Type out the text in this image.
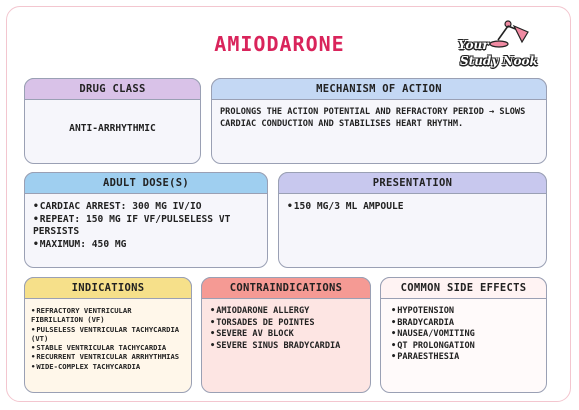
AMIODARONE	Your
Study Nook
DRUG CLASS
ANTI-ARRHYTHMIC
MECHANISM OF ACTION
PROLONGS THE ACTION POTENTIAL AND REFRACTORY PERIOD → SLOWS CARDIAC CONDUCTION AND STABILISES HEART RHYTHM.
ADULT DOSE(S)
• CARDIAC ARREST: 300 MG IV/IO
• REPEAT: 150 MG IF VF/PULSELESS VT PERSISTS
• MAXIMUM: 450 MG
PRESENTATION
• 150 MG/3 ML AMPOULE
INDICATIONS
• REFRACTORY VENTRICULAR FIBRILLATION (VF)
• PULSELESS VENTRICULAR TACHYCARDIA (VT)
• STABLE VENTRICULAR TACHYCARDIA
• RECURRENT VENTRICULAR ARRHYTHMIAS
• WIDE-COMPLEX TACHYCARDIA
CONTRAINDICATIONS
• AMIODARONE ALLERGY
• TORSADES DE POINTES
• SEVERE AV BLOCK
• SEVERE SINUS BRADYCARDIA
COMMON SIDE EFFECTS
• HYPOTENSION
• BRADYCARDIA
• NAUSEA/VOMITING
• QT PROLONGATION
• PARAESTHESIA
